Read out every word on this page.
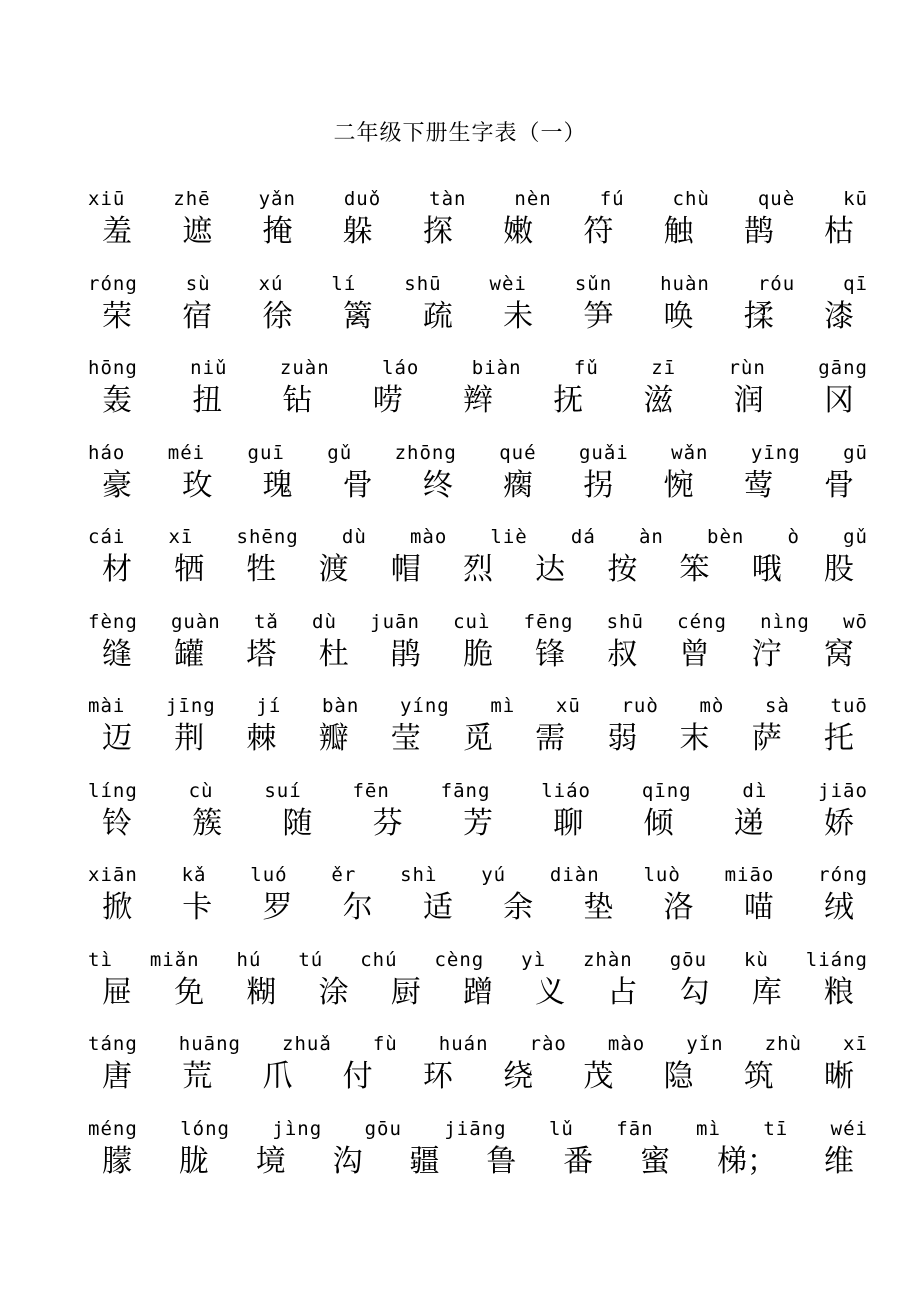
二年级下册生字表（一）
xiū	zhē	yǎn	duǒ	tàn	nèn	fú	chù	què	kū
羞 遮 掩 躲 探 嫩 符 触 鹊 枯
róng	sù	xú	lí	shū	wèi	sǔn	huàn	róu	qī
荣 宿 徐 篱 疏 未 笋 唤 揉 漆
hōng	niǔ	zuàn	láo	biàn	fǔ	zī	rùn	gāng
轰 扭 钻 唠 辫 抚 滋 润 冈
háo méi guī gǔ zhōng qué guǎi wǎn yīng gū
豪 玫 瑰 骨 终 瘸 拐 惋 莺 骨
cái xī shēng dù mào liè dá àn bèn ò gǔ
材 牺 牲 渡 帽 烈 达 按 笨 哦 股
fèng guàn tǎ dù juān cuì fēng shū céng nìng wō
缝 罐 塔 杜 鹃 脆 锋 叔 曾 泞 窝
mài jīng jí bàn yíng mì xū ruò mò sà tuō
迈 荆 棘 瓣 莹 觅 需 弱 末 萨 托
líng	cù	suí	fēn	fāng	liáo	qīng	dì	jiāo
铃 簇 随 芬 芳 聊 倾 递 娇
xiān kǎ luó ěr shì yú diàn luò miāo róng
掀 卡 罗 尔 适 余 垫 洛 喵 绒
tì miǎn hú tú chú cèng yì zhàn gōu kù liáng
屉 免 糊 涂 厨 蹭 义 占 勾 库 粮
táng huāng zhuǎ fù huán rào mào yǐn zhù xī
唐 荒 爪 付 环 绕 茂 隐 筑 晰
méng lóng jìng gōu jiāng lǔ fān mì tī wéi
朦 胧 境 沟 疆 鲁 番 蜜 梯； 维
